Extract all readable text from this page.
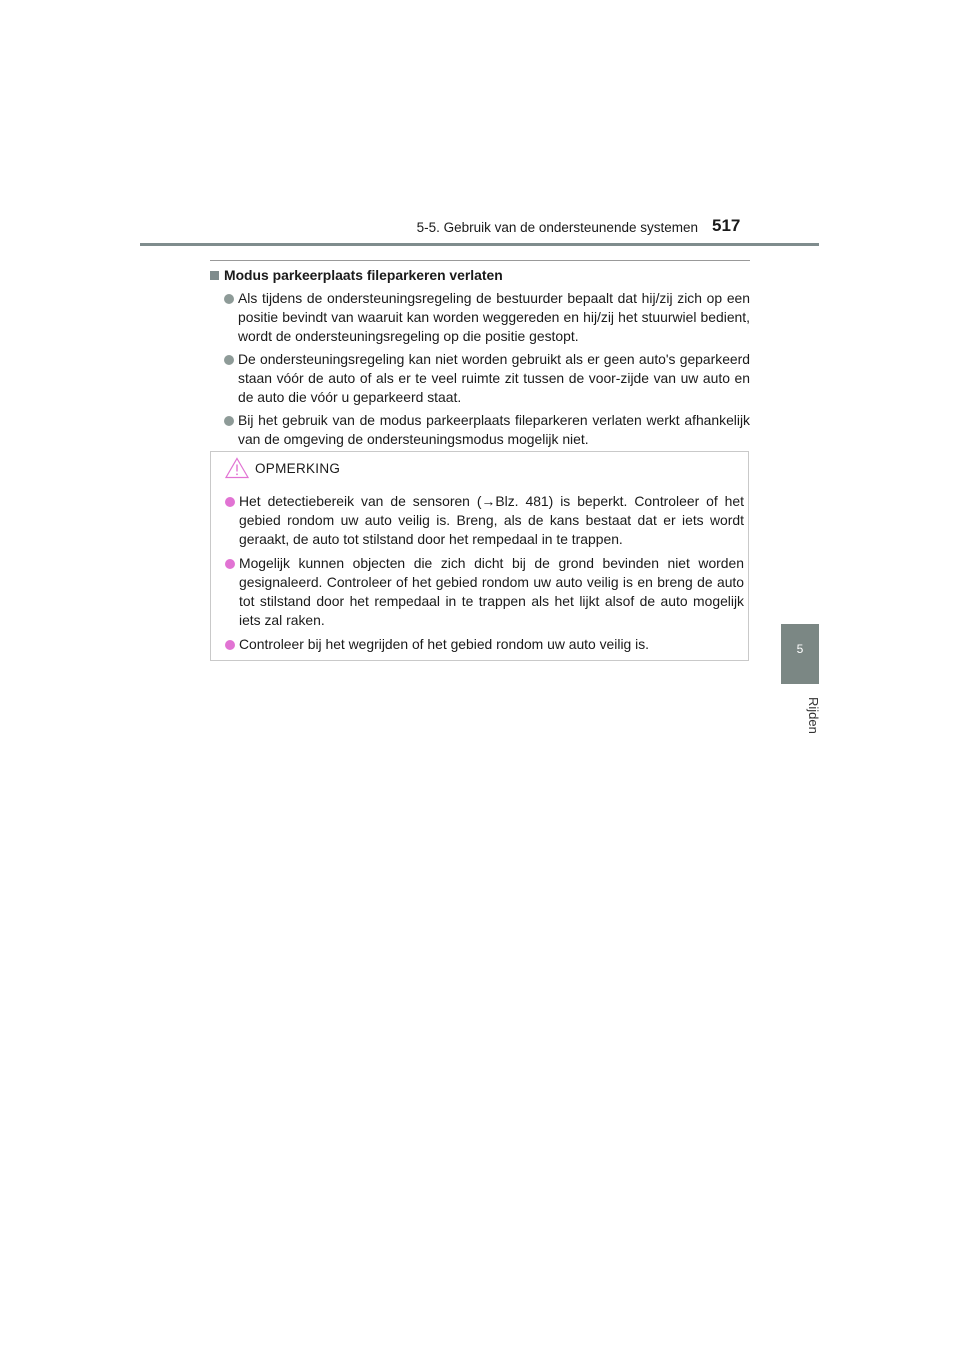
5-5. Gebruik van de ondersteunende systemen 517
5
Rijden
Modus parkeerplaats fileparkeren verlaten
Als tijdens de ondersteuningsregeling de bestuurder bepaalt dat hij/zij zich op een positie bevindt van waaruit kan worden weggereden en hij/zij het stuurwiel bedient, wordt de ondersteuningsregeling op die positie gestopt.
De ondersteuningsregeling kan niet worden gebruikt als er geen auto's geparkeerd staan vóór de auto of als er te veel ruimte zit tussen de voor-zijde van uw auto en de auto die vóór u geparkeerd staat.
Bij het gebruik van de modus parkeerplaats fileparkeren verlaten werkt afhankelijk van de omgeving de ondersteuningsmodus mogelijk niet.
OPMERKING
Het detectiebereik van de sensoren (→Blz. 481) is beperkt. Controleer of het gebied rondom uw auto veilig is. Breng, als de kans bestaat dat er iets wordt geraakt, de auto tot stilstand door het rempedaal in te trappen.
Mogelijk kunnen objecten die zich dicht bij de grond bevinden niet worden gesignaleerd. Controleer of het gebied rondom uw auto veilig is en breng de auto tot stilstand door het rempedaal in te trappen als het lijkt alsof de auto mogelijk iets zal raken.
Controleer bij het wegrijden of het gebied rondom uw auto veilig is.
